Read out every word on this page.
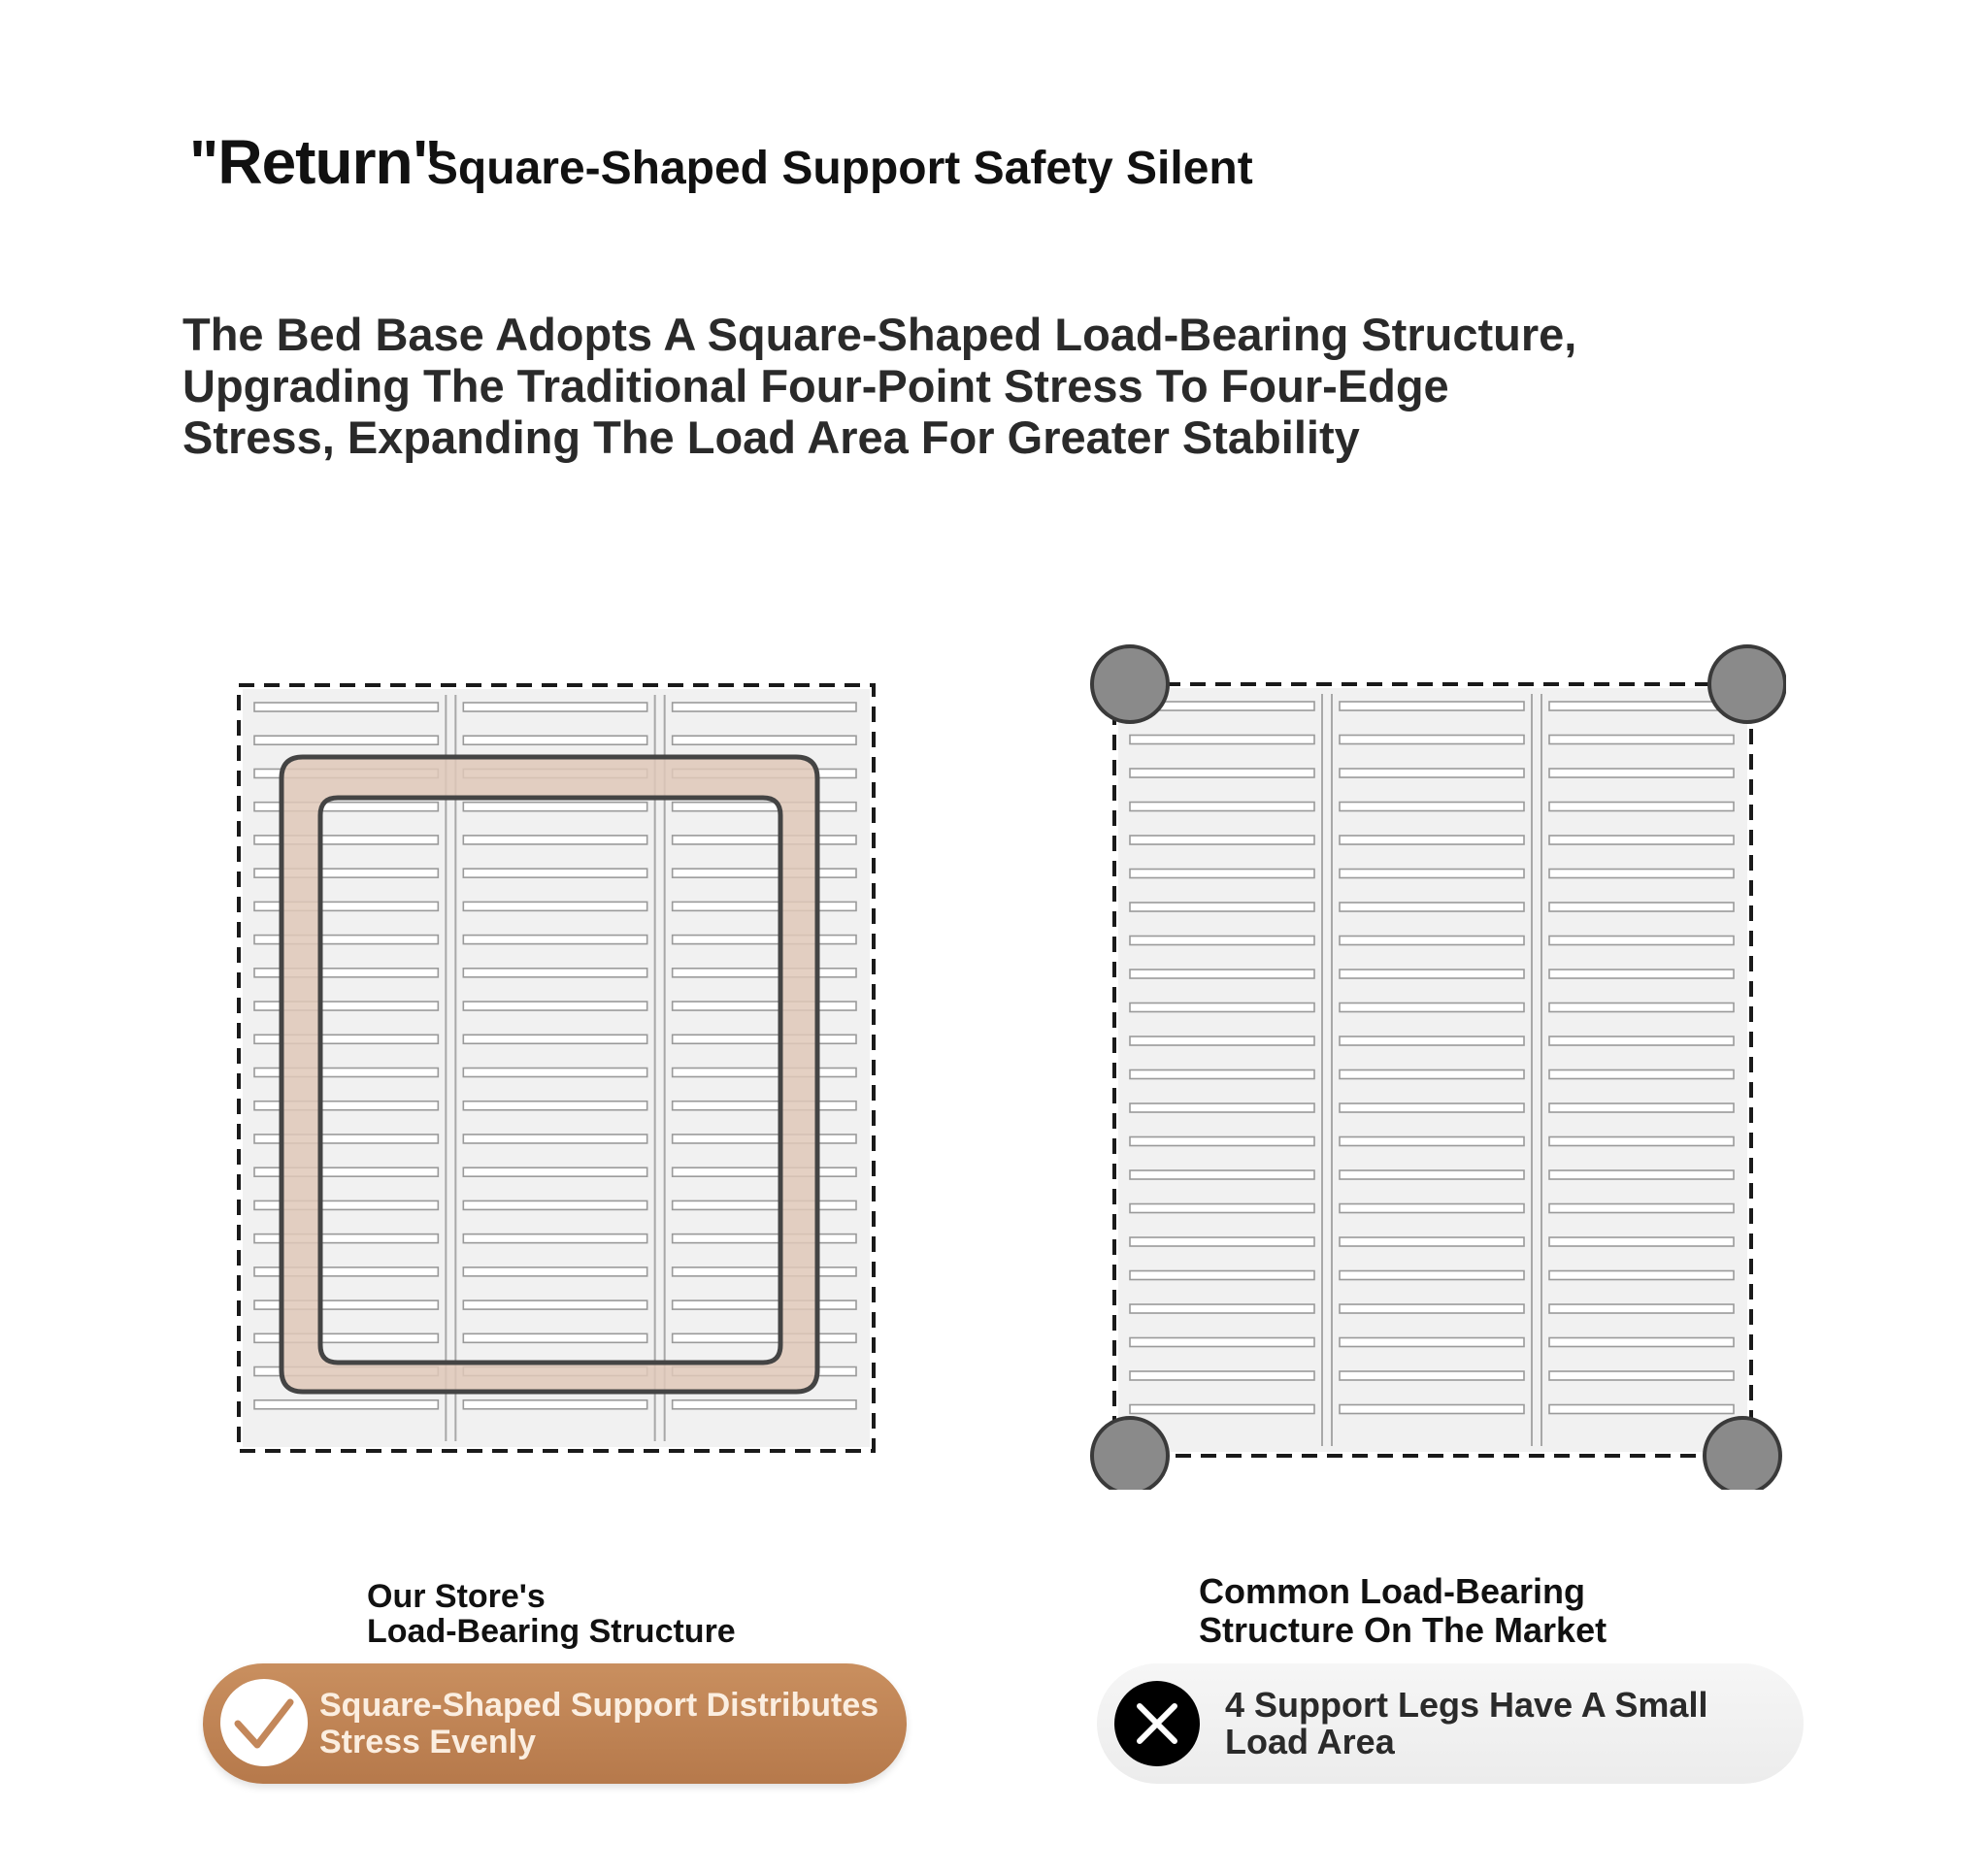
"Return"
Square-Shaped Support Safety Silent

The Bed Base Adopts A Square-Shaped Load-Bearing Structure,
Upgrading The Traditional Four-Point Stress To Four-Edge
Stress, Expanding The Load Area For Greater Stability

Our Store's
Load-Bearing Structure
Common Load-Bearing
Structure On The Market
Square-Shaped Support Distributes
Stress Evenly
4 Support Legs Have A Small
Load Area
